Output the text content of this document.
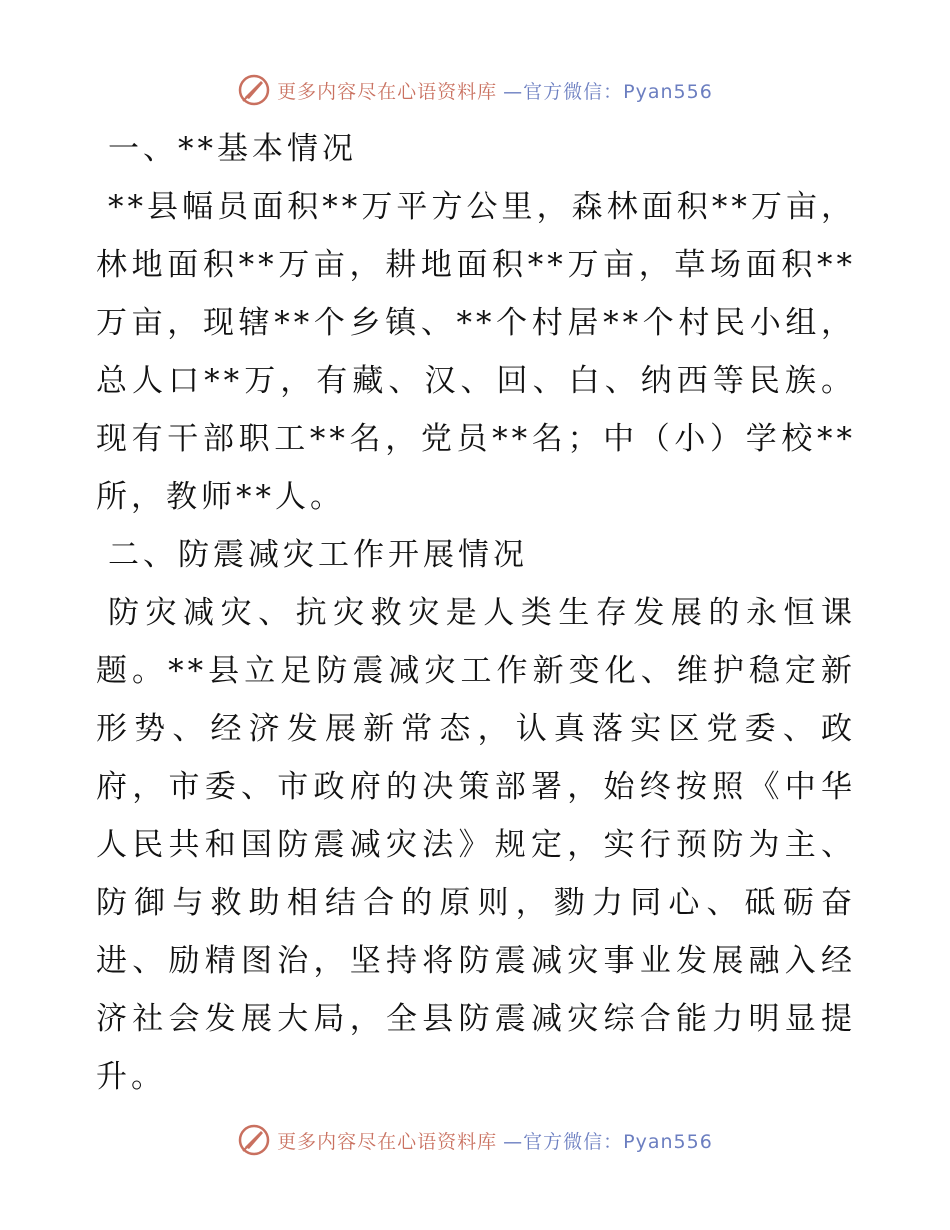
更多内容尽在心语资料库 —官方微信：Pyan556
一、**基本情况

**县幅员面积**万平方公里，森林面积**万亩，林地面积**万亩，耕地面积**万亩，草场面积**万亩，现辖**个乡镇、**个村居**个村民小组，总人口**万，有藏、汉、回、白、纳西等民族。现有干部职工**名，党员**名；中（小）学校**所，教师**人。

二、防震减灾工作开展情况

防灾减灾、抗灾救灾是人类生存发展的永恒课题。**县立足防震减灾工作新变化、维护稳定新形势、经济发展新常态，认真落实区党委、政府，市委、市政府的决策部署，始终按照《中华人民共和国防震减灾法》规定，实行预防为主、防御与救助相结合的原则，勠力同心、砥砺奋进、励精图治，坚持将防震减灾事业发展融入经济社会发展大局，全县防震减灾综合能力明显提升。

更多内容尽在心语资料库 —官方微信：Pyan556
